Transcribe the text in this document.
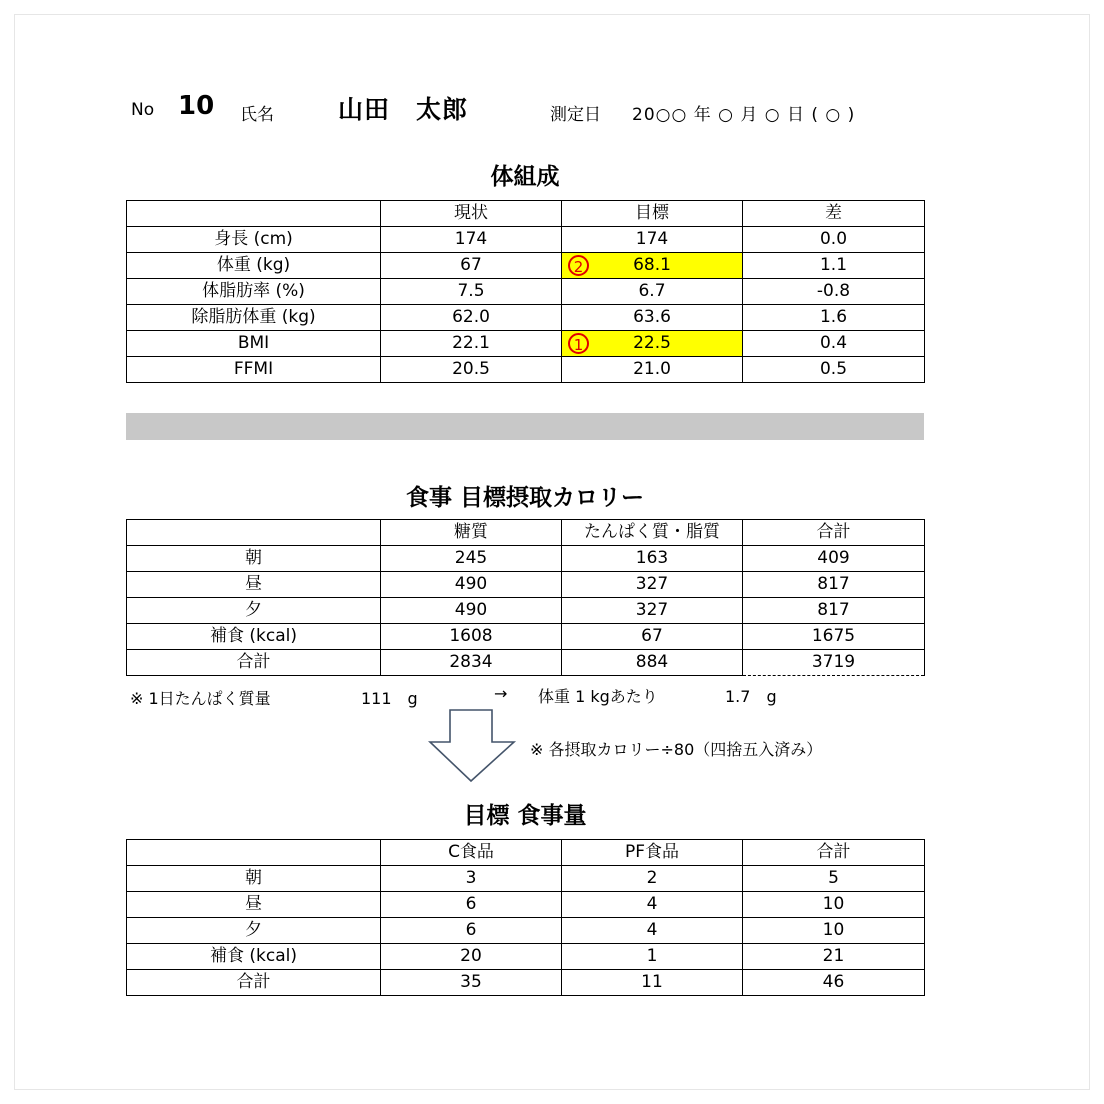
No 10 氏名	山田　太郎	測定日 20○○ 年 ○ 月 ○ 日 ( ○ )
体組成
	現状	目標	差
身長 (cm)	174	174	0.0
体重 (kg)	67	2 68.1	1.1
体脂肪率 (%)	7.5	6.7	-0.8
除脂肪体重 (kg)	62.0	63.6	1.6
BMI	22.1	1 22.5	0.4
FFMI	20.5	21.0	0.5
食事 目標摂取カロリー
	糖質	たんぱく質・脂質	合計
朝	245	163	409
昼	490	327	817
夕	490	327	817
補食 (kcal)	1608	67	1675
合計	2834	884	3719
※ 1日たんぱく質量	111　g	→ 体重 1 kgあたり	1.7　g
※ 各摂取カロリー÷80（四捨五入済み）
目標 食事量
	C食品	PF食品	合計
朝	3	2	5
昼	6	4	10
夕	6	4	10
補食 (kcal)	20	1	21
合計	35	11	46
